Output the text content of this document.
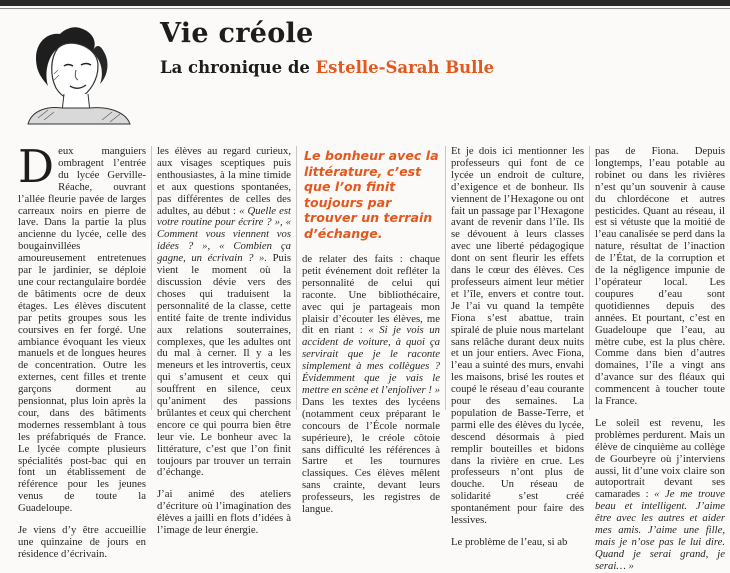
Vie créole
La chronique de Estelle-Sarah Bulle

Deux manguiers ombragent l’entrée du lycée Gerville-Réache, ouvrant l’allée fleurie pavée de larges carreaux noirs en pierre de lave. Dans la partie la plus ancienne du lycée, celle des bougainvillées amoureusement entretenues par le jardinier, se déploie une cour rectangulaire bordée de bâtiments ocre de deux étages. Les élèves discutent par petits groupes sous les coursives en fer forgé. Une ambiance évoquant les vieux manuels et de longues heures de concentration. Outre les externes, cent filles et trente garçons dorment au pensionnat, plus loin après la cour, dans des bâtiments modernes ressemblant à tous les préfabriqués de France. Le lycée compte plusieurs spécialités post-bac qui en font un établissement de référence pour les jeunes venus de toute la Guadeloupe.

Je viens d’y être accueillie une quinzaine de jours en résidence d’écrivain.

les élèves au regard curieux, aux visages sceptiques puis enthousiastes, à la mine timide et aux questions spontanées, pas différentes de celles des adultes, au début : « Quelle est votre routine pour écrire ? », « Comment vous viennent vos idées ? », « Combien ça gagne, un écrivain ? ». Puis vient le moment où la discussion dévie vers des choses qui traduisent la personnalité de la classe, cette entité faite de trente individus aux relations souterraines, complexes, que les adultes ont du mal à cerner. Il y a les meneurs et les introvertis, ceux qui s’amusent et ceux qui souffrent en silence, ceux qu’animent des passions brûlantes et ceux qui cherchent encore ce qui pourra bien être leur vie. Le bonheur avec la littérature, c’est que l’on finit toujours par trouver un terrain d’échange.

J’ai animé des ateliers d’écriture où l’imagination des élèves a jailli en flots d’idées à l’image de leur énergie.

Le bonheur avec la littérature, c’est que l’on finit toujours par trouver un terrain d’échange.

de relater des faits : chaque petit événement doit refléter la personnalité de celui qui raconte. Une bibliothécaire, avec qui je partageais mon plaisir d’écouter les élèves, me dit en riant : « Si je vois un accident de voiture, à quoi ça servirait que je le raconte simplement à mes collègues ? Évidemment que je vais le mettre en scène et l’enjoliver ! » Dans les textes des lycéens (notamment ceux préparant le concours de l’École normale supérieure), le créole côtoie sans difficulté les références à Sartre et les tournures classiques. Ces élèves mêlent sans crainte, devant leurs professeurs, les registres de langue.

Et je dois ici mentionner les professeurs qui font de ce lycée un endroit de culture, d’exigence et de bonheur. Ils viennent de l’Hexagone ou ont fait un passage par l’Hexagone avant de revenir dans l’île. Ils se dévouent à leurs classes avec une liberté pédagogique dont on sent fleurir les effets dans le cœur des élèves. Ces professeurs aiment leur métier et l’île, envers et contre tout. Je l’ai vu quand la tempête Fiona s’est abattue, train spiralé de pluie nous martelant sans relâche durant deux nuits et un jour entiers. Avec Fiona, l’eau a suinté des murs, envahi les maisons, brisé les routes et coupé le réseau d’eau courante pour des semaines. La population de Basse-Terre, et parmi elle des élèves du lycée, descend désormais à pied remplir bouteilles et bidons dans la rivière en crue. Les professeurs n’ont plus de douche. Un réseau de solidarité s’est créé spontanément pour faire des lessives.

Le problème de l’eau, si ab

pas de Fiona. Depuis longtemps, l’eau potable au robinet ou dans les rivières n’est qu’un souvenir à cause du chlordécone et autres pesticides. Quant au réseau, il est si vétuste que la moitié de l’eau canalisée se perd dans la nature, résultat de l’inaction de l’État, de la corruption et de la négligence impunie de l’opérateur local. Les coupures d’eau sont quotidiennes depuis des années. Et pourtant, c’est en Guadeloupe que l’eau, au mètre cube, est la plus chère. Comme dans bien d’autres domaines, l’île a vingt ans d’avance sur des fléaux qui commencent à toucher toute la France.

Le soleil est revenu, les problèmes perdurent. Mais un élève de cinquième au collège de Gourbeyre où j’interviens aussi, lit d’une voix claire son autoportrait devant ses camarades : « Je me trouve beau et intelligent. J’aime être avec les autres et aider mes amis. J’aime une fille, mais je n’ose pas le lui dire. Quand je serai grand, je serai… »
